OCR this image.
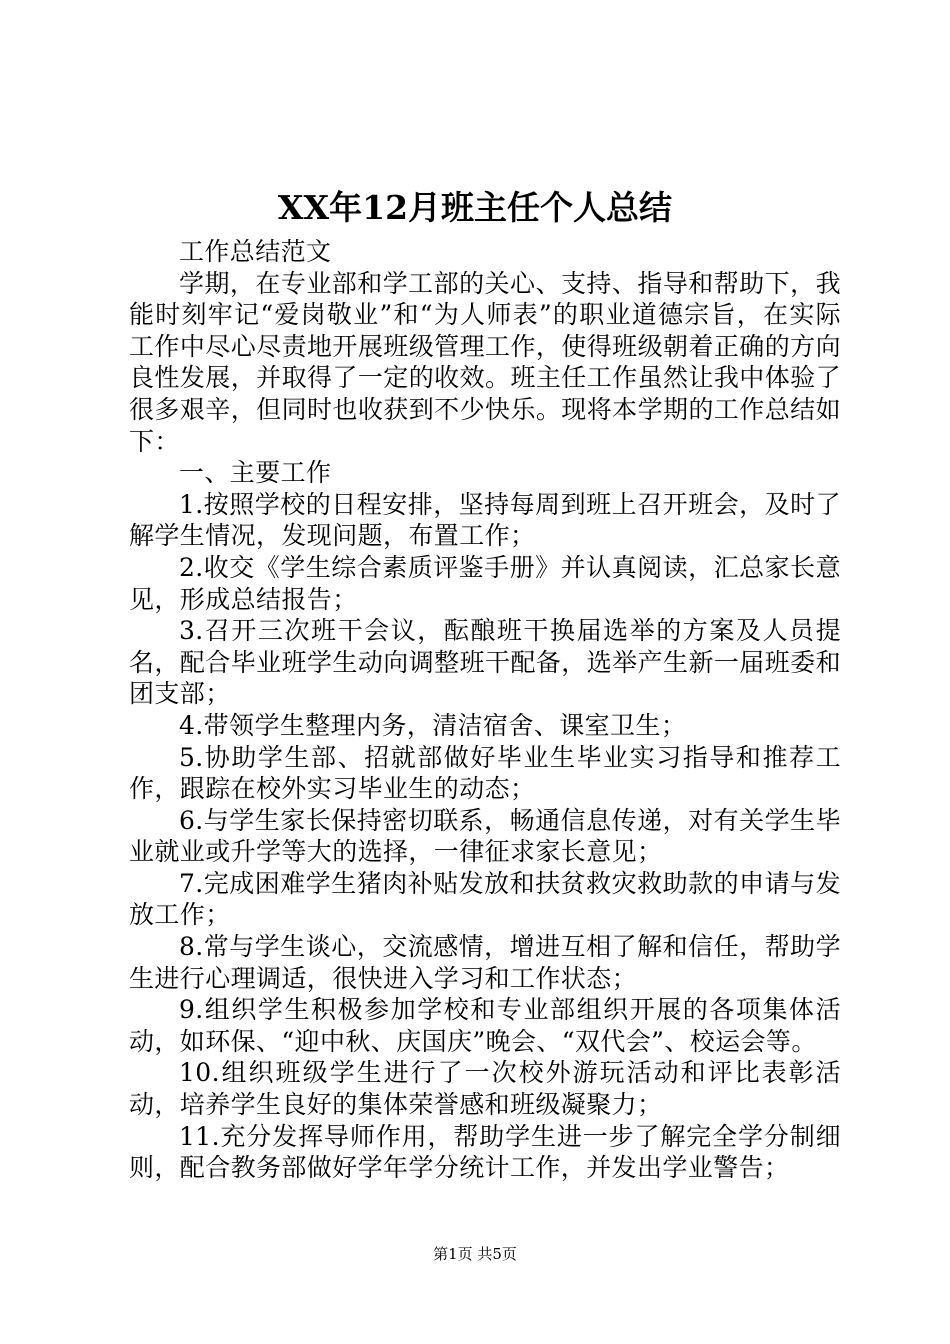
XX年12月班主任个人总结

工作总结范文

学期，在专业部和学工部的关心、支持、指导和帮助下，我能时刻牢记“爱岗敬业”和“为人师表”的职业道德宗旨，在实际工作中尽心尽责地开展班级管理工作，使得班级朝着正确的方向良性发展，并取得了一定的收效。班主任工作虽然让我中体验了很多艰辛，但同时也收获到不少快乐。现将本学期的工作总结如下：

一、主要工作

1.按照学校的日程安排，坚持每周到班上召开班会，及时了解学生情况，发现问题，布置工作；

2.收交《学生综合素质评鉴手册》并认真阅读，汇总家长意见，形成总结报告；

3.召开三次班干会议，酝酿班干换届选举的方案及人员提名，配合毕业班学生动向调整班干配备，选举产生新一届班委和团支部；

4.带领学生整理内务，清洁宿舍、课室卫生；

5.协助学生部、招就部做好毕业生毕业实习指导和推荐工作，跟踪在校外实习毕业生的动态；

6.与学生家长保持密切联系，畅通信息传递，对有关学生毕业就业或升学等大的选择，一律征求家长意见；

7.完成困难学生猪肉补贴发放和扶贫救灾救助款的申请与发放工作；

8.常与学生谈心，交流感情，增进互相了解和信任，帮助学生进行心理调适，很快进入学习和工作状态；

9.组织学生积极参加学校和专业部组织开展的各项集体活动，如环保、“迎中秋、庆国庆”晚会、“双代会”、校运会等。

10.组织班级学生进行了一次校外游玩活动和评比表彰活动，培养学生良好的集体荣誉感和班级凝聚力；

11.充分发挥导师作用，帮助学生进一步了解完全学分制细则，配合教务部做好学年学分统计工作，并发出学业警告；

第1页 共5页
